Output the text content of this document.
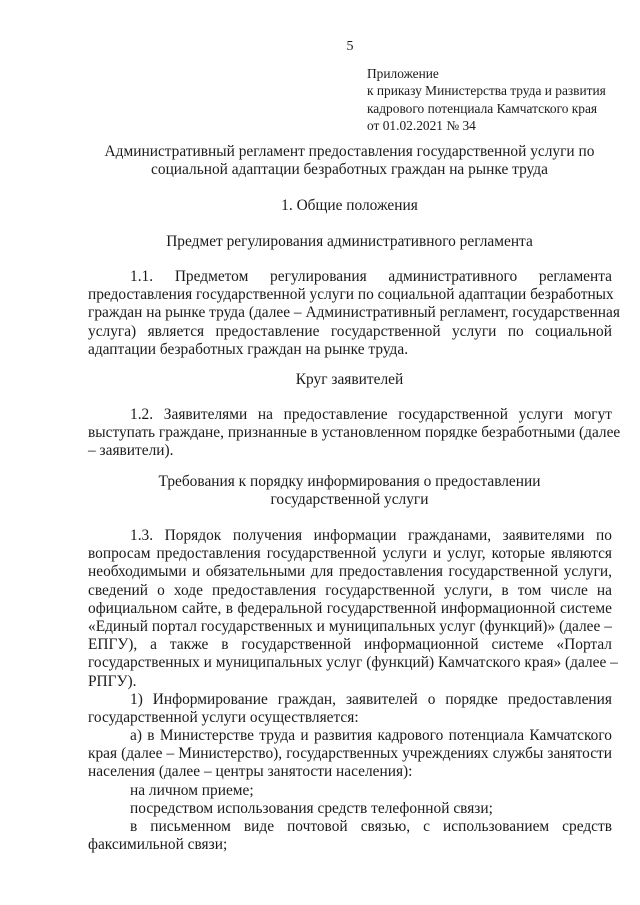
5
Приложение
к приказу Министерства труда и развития
кадрового потенциала Камчатского края
от 01.02.2021 № 34
Административный регламент предоставления государственной услуги по
социальной адаптации безработных граждан на рынке труда
1. Общие положения
Предмет регулирования административного регламента
1.1. Предметом регулирования административного регламента
предоставления государственной услуги по социальной адаптации безработных
граждан на рынке труда (далее – Административный регламент, государственная
услуга) является предоставление государственной услуги по социальной
адаптации безработных граждан на рынке труда.
Круг заявителей
1.2. Заявителями на предоставление государственной услуги могут
выступать граждане, признанные в установленном порядке безработными (далее
– заявители).
Требования к порядку информирования о предоставлении
государственной услуги
1.3. Порядок получения информации гражданами, заявителями по
вопросам предоставления государственной услуги и услуг, которые являются
необходимыми и обязательными для предоставления государственной услуги,
сведений о ходе предоставления государственной услуги, в том числе на
официальном сайте, в федеральной государственной информационной системе
«Единый портал государственных и муниципальных услуг (функций)» (далее –
ЕПГУ), а также в государственной информационной системе «Портал
государственных и муниципальных услуг (функций) Камчатского края» (далее –
РПГУ).
1) Информирование граждан, заявителей о порядке предоставления
государственной услуги осуществляется:
а) в Министерстве труда и развития кадрового потенциала Камчатского
края (далее – Министерство), государственных учреждениях службы занятости
населения (далее – центры занятости населения):
на личном приеме;
посредством использования средств телефонной связи;
в письменном виде почтовой связью, с использованием средств
факсимильной связи;
